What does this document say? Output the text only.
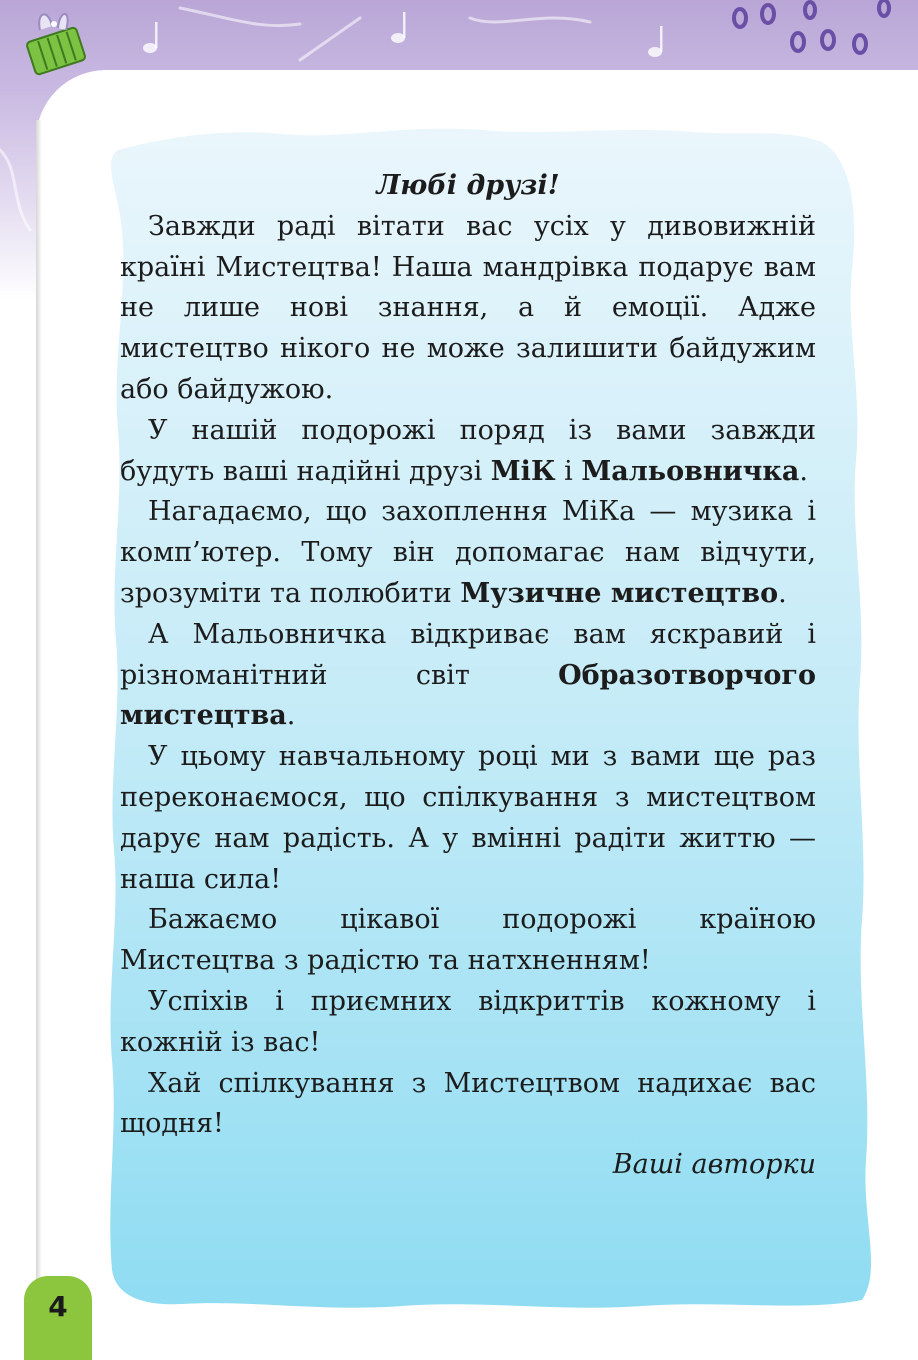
Любі друзі!

Завжди раді вітати вас усіх у дивовижній країні Мистецтва! Наша мандрівка подарує вам не лише нові знання, а й емоції. Адже мистецтво нікого не може залишити байдужим або байдужою.

У нашій подорожі поряд із вами завжди будуть ваші надійні друзі МіК і Мальовничка.

Нагадаємо, що захоплення МіКа — музика і комп’ютер. Тому він допомагає нам відчути, зрозуміти та полюбити Музичне мистецтво.

А Мальовничка відкриває вам яскравий і різноманітний світ Образотворчого мистецтва.

У цьому навчальному році ми з вами ще раз переконаємося, що спілкування з мистецтвом дарує нам радість. А у вмінні радіти життю — наша сила!

Бажаємо цікавої подорожі країною Мистецтва з радістю та натхненням!

Успіхів і приємних відкриттів кожному і кожній із вас!

Хай спілкування з Мистецтвом надихає вас щодня!

Ваші авторки

4
